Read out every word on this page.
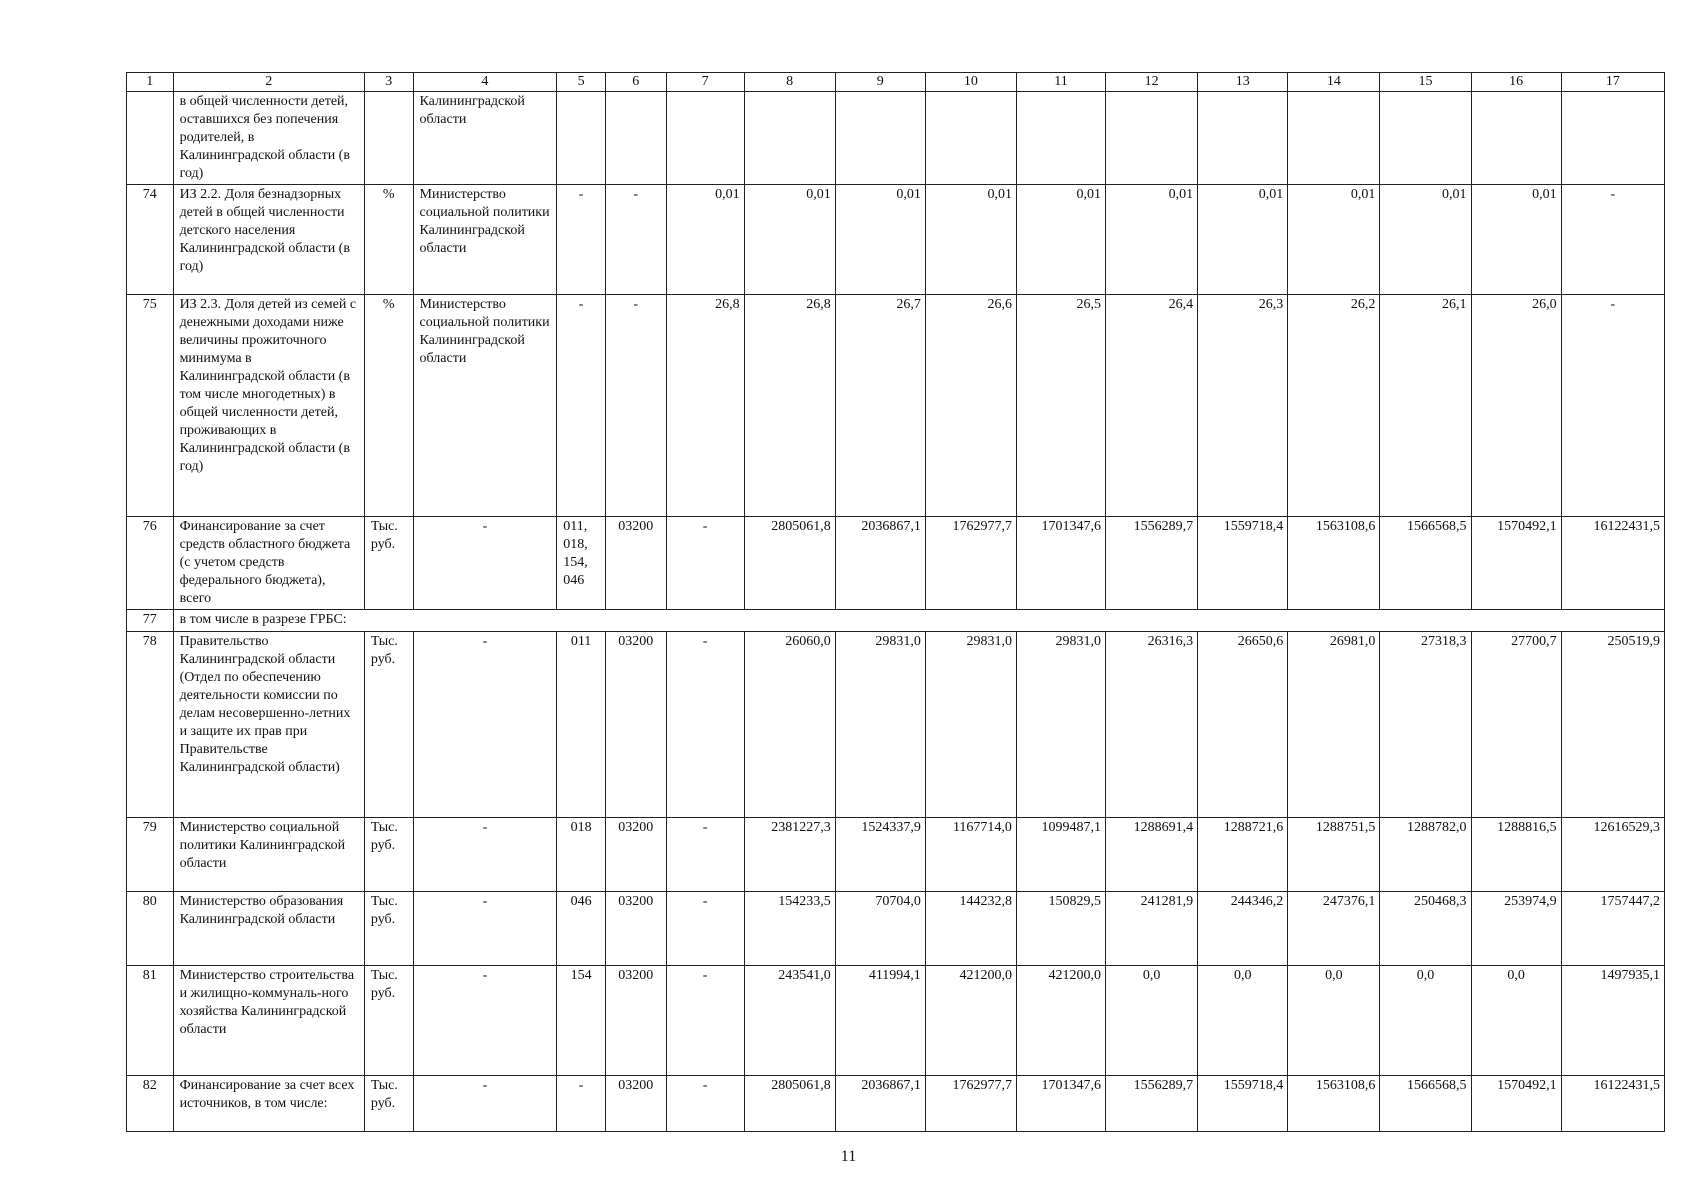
1	2	3	4	5	6	7	8	9	10	11	12	13	14	15	16	17
	в общей численности детей, оставшихся без попечения родителей, в Калининградской области (в год)		Калининградской области													
74	ИЗ 2.2. Доля безнадзорных детей в общей численности детского населения Калининградской области (в год)	%	Министерство социальной политики Калининградской области	-	-	0,01	0,01	0,01	0,01	0,01	0,01	0,01	0,01	0,01	0,01	-
75	ИЗ 2.3. Доля детей из семей с денежными доходами ниже величины прожиточного минимума в Калининградской области (в том числе многодетных) в общей численности детей, проживающих в Калининградской области (в год)	%	Министерство социальной политики Калининградской области	-	-	26,8	26,8	26,7	26,6	26,5	26,4	26,3	26,2	26,1	26,0	-
76	Финансирование за счет средств областного бюджета (с учетом средств федерального бюджета), всего	Тыс. руб.	-	011, 018, 154, 046	03200	-	2805061,8	2036867,1	1762977,7	1701347,6	1556289,7	1559718,4	1563108,6	1566568,5	1570492,1	16122431,5
77	в том числе в разрезе ГРБС:															
78	Правительство Калининградской области (Отдел по обеспечению деятельности комиссии по делам несовершенно-летних и защите их прав при Правительстве Калининградской области)	Тыс. руб.	-	011	03200	-	26060,0	29831,0	29831,0	29831,0	26316,3	26650,6	26981,0	27318,3	27700,7	250519,9
79	Министерство социальной политики Калининградской области	Тыс. руб.	-	018	03200	-	2381227,3	1524337,9	1167714,0	1099487,1	1288691,4	1288721,6	1288751,5	1288782,0	1288816,5	12616529,3
80	Министерство образования Калининградской области	Тыс. руб.	-	046	03200	-	154233,5	70704,0	144232,8	150829,5	241281,9	244346,2	247376,1	250468,3	253974,9	1757447,2
81	Министерство строительства и жилищно-коммуналь-ного хозяйства Калининградской области	Тыс. руб.	-	154	03200	-	243541,0	411994,1	421200,0	421200,0	0,0	0,0	0,0	0,0	0,0	1497935,1
82	Финансирование за счет всех источников, в том числе:	Тыс. руб.	-	-	03200	-	2805061,8	2036867,1	1762977,7	1701347,6	1556289,7	1559718,4	1563108,6	1566568,5	1570492,1	16122431,5
11
